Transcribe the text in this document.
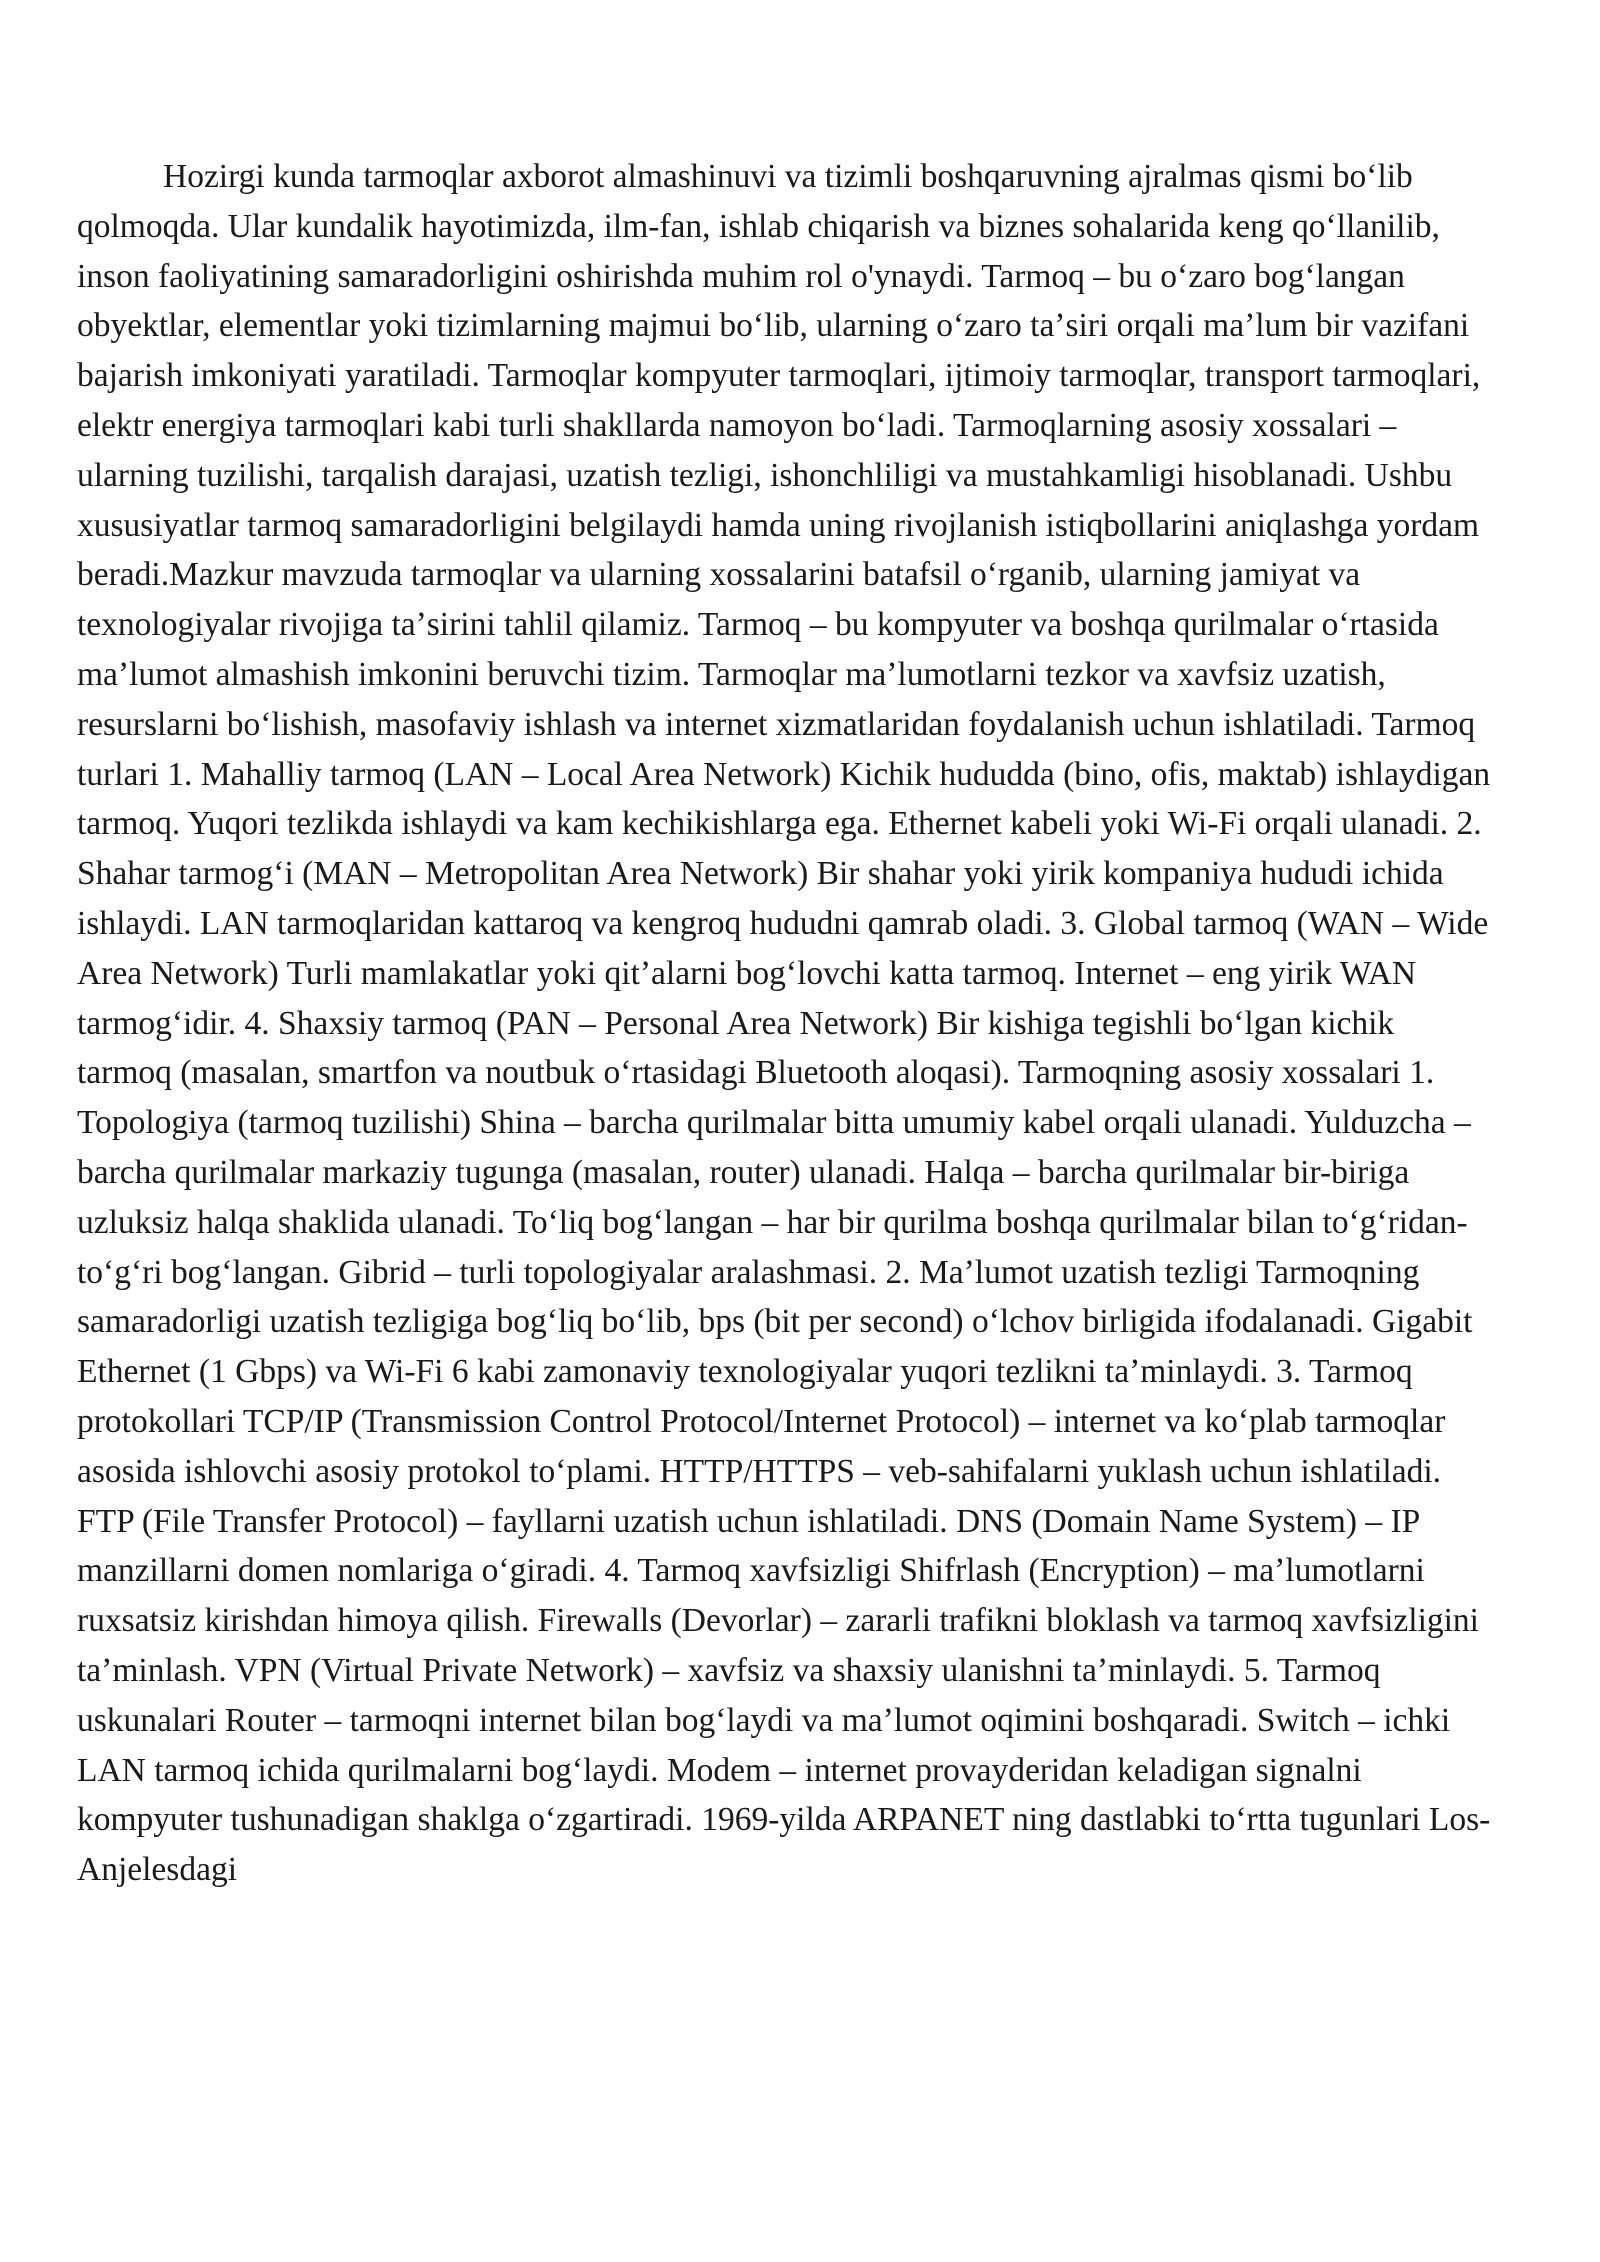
Hozirgi kunda tarmoqlar axborot almashinuvi va tizimli boshqaruvning ajralmas qismi boʻlib qolmoqda. Ular kundalik hayotimizda, ilm-fan, ishlab chiqarish va biznes sohalarida keng qoʻllanilib, inson faoliyatining samaradorligini oshirishda muhim rol o'ynaydi. Tarmoq – bu oʻzaro bogʻlangan obyektlar, elementlar yoki tizimlarning majmui boʻlib, ularning oʻzaro taʼsiri orqali maʼlum bir vazifani bajarish imkoniyati yaratiladi. Tarmoqlar kompyuter tarmoqlari, ijtimoiy tarmoqlar, transport tarmoqlari, elektr energiya tarmoqlari kabi turli shakllarda namoyon boʻladi. Tarmoqlarning asosiy xossalari – ularning tuzilishi, tarqalish darajasi, uzatish tezligi, ishonchliligi va mustahkamligi hisoblanadi. Ushbu xususiyatlar tarmoq samaradorligini belgilaydi hamda uning rivojlanish istiqbollarini aniqlashga yordam beradi.Mazkur mavzuda tarmoqlar va ularning xossalarini batafsil oʻrganib, ularning jamiyat va texnologiyalar rivojiga taʼsirini tahlil qilamiz. Tarmoq – bu kompyuter va boshqa qurilmalar oʻrtasida maʼlumot almashish imkonini beruvchi tizim. Tarmoqlar maʼlumotlarni tezkor va xavfsiz uzatish, resurslarni boʻlishish, masofaviy ishlash va internet xizmatlaridan foydalanish uchun ishlatiladi. Tarmoq turlari 1. Mahalliy tarmoq (LAN – Local Area Network) Kichik hududda (bino, ofis, maktab) ishlaydigan tarmoq. Yuqori tezlikda ishlaydi va kam kechikishlarga ega. Ethernet kabeli yoki Wi-Fi orqali ulanadi. 2. Shahar tarmogʻi (MAN – Metropolitan Area Network) Bir shahar yoki yirik kompaniya hududi ichida ishlaydi. LAN tarmoqlaridan kattaroq va kengroq hududni qamrab oladi. 3. Global tarmoq (WAN – Wide Area Network) Turli mamlakatlar yoki qitʼalarni bogʻlovchi katta tarmoq. Internet – eng yirik WAN tarmogʻidir. 4. Shaxsiy tarmoq (PAN – Personal Area Network) Bir kishiga tegishli boʻlgan kichik tarmoq (masalan, smartfon va noutbuk oʻrtasidagi Bluetooth aloqasi). Tarmoqning asosiy xossalari 1. Topologiya (tarmoq tuzilishi) Shina – barcha qurilmalar bitta umumiy kabel orqali ulanadi. Yulduzcha – barcha qurilmalar markaziy tugunga (masalan, router) ulanadi. Halqa – barcha qurilmalar bir-biriga uzluksiz halqa shaklida ulanadi. Toʻliq bogʻlangan – har bir qurilma boshqa qurilmalar bilan toʻgʻridan-toʻgʻri bogʻlangan. Gibrid – turli topologiyalar aralashmasi. 2. Maʼlumot uzatish tezligi Tarmoqning samaradorligi uzatish tezligiga bogʻliq boʻlib, bps (bit per second) oʻlchov birligida ifodalanadi. Gigabit Ethernet (1 Gbps) va Wi-Fi 6 kabi zamonaviy texnologiyalar yuqori tezlikni taʼminlaydi. 3. Tarmoq protokollari TCP/IP (Transmission Control Protocol/Internet Protocol) – internet va koʻplab tarmoqlar asosida ishlovchi asosiy protokol toʻplami. HTTP/HTTPS – veb-sahifalarni yuklash uchun ishlatiladi. FTP (File Transfer Protocol) – fayllarni uzatish uchun ishlatiladi. DNS (Domain Name System) – IP manzillarni domen nomlariga oʻgiradi. 4. Tarmoq xavfsizligi Shifrlash (Encryption) – maʼlumotlarni ruxsatsiz kirishdan himoya qilish. Firewalls (Devorlar) – zararli trafikni bloklash va tarmoq xavfsizligini taʼminlash. VPN (Virtual Private Network) – xavfsiz va shaxsiy ulanishni taʼminlaydi. 5. Tarmoq uskunalari Router – tarmoqni internet bilan bogʻlaydi va maʼlumot oqimini boshqaradi. Switch – ichki LAN tarmoq ichida qurilmalarni bogʻlaydi. Modem – internet provayderidan keladigan signalni kompyuter tushunadigan shaklga oʻzgartiradi. 1969-yilda ARPANET ning dastlabki toʻrtta tugunlari Los-Anjelesdagi
